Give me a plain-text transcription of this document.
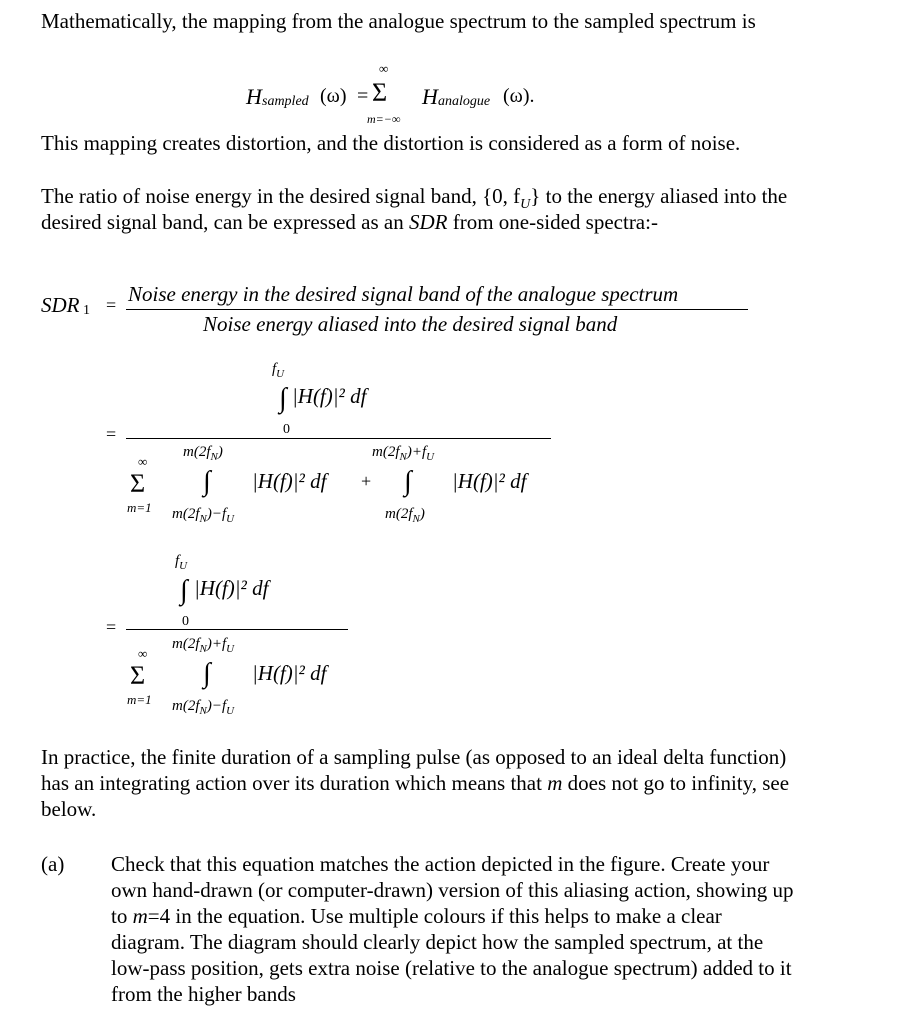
Mathematically, the mapping from the analogue spectrum to the sampled spectrum is
H sampled (ω) =
∞
Σ
m=−∞
H analogue (ω).
This mapping creates distortion, and the distortion is considered as a form of noise.
The ratio of noise energy in the desired signal band, {0, $f_U$} to the energy aliased into the
desired signal band, can be expressed as an SDR from one-sided spectra:-
SDR 1 = Noise energy in the desired signal band of the analogue spectrum
Noise energy aliased into the desired signal band
$f_U$
∫ |H(f)|² df
0
=
∞
Σ
m=1
$m(2f_N)$
∫
$m(2f_N)-f_U$
|H(f)|² df +
$m(2f_N)+f_U$
∫
$m(2f_N)$
|H(f)|² df
$f_U$
∫ |H(f)|² df
0
=
∞
Σ
m=1
$m(2f_N)+f_U$
∫
$m(2f_N)-f_U$
|H(f)|² df
In practice, the finite duration of a sampling pulse (as opposed to an ideal delta function)
has an integrating action over its duration which means that m does not go to infinity, see
below.
(a) Check that this equation matches the action depicted in the figure. Create your
own hand-drawn (or computer-drawn) version of this aliasing action, showing up
to m=4 in the equation. Use multiple colours if this helps to make a clear
diagram. The diagram should clearly depict how the sampled spectrum, at the
low-pass position, gets extra noise (relative to the analogue spectrum) added to it
from the higher bands
